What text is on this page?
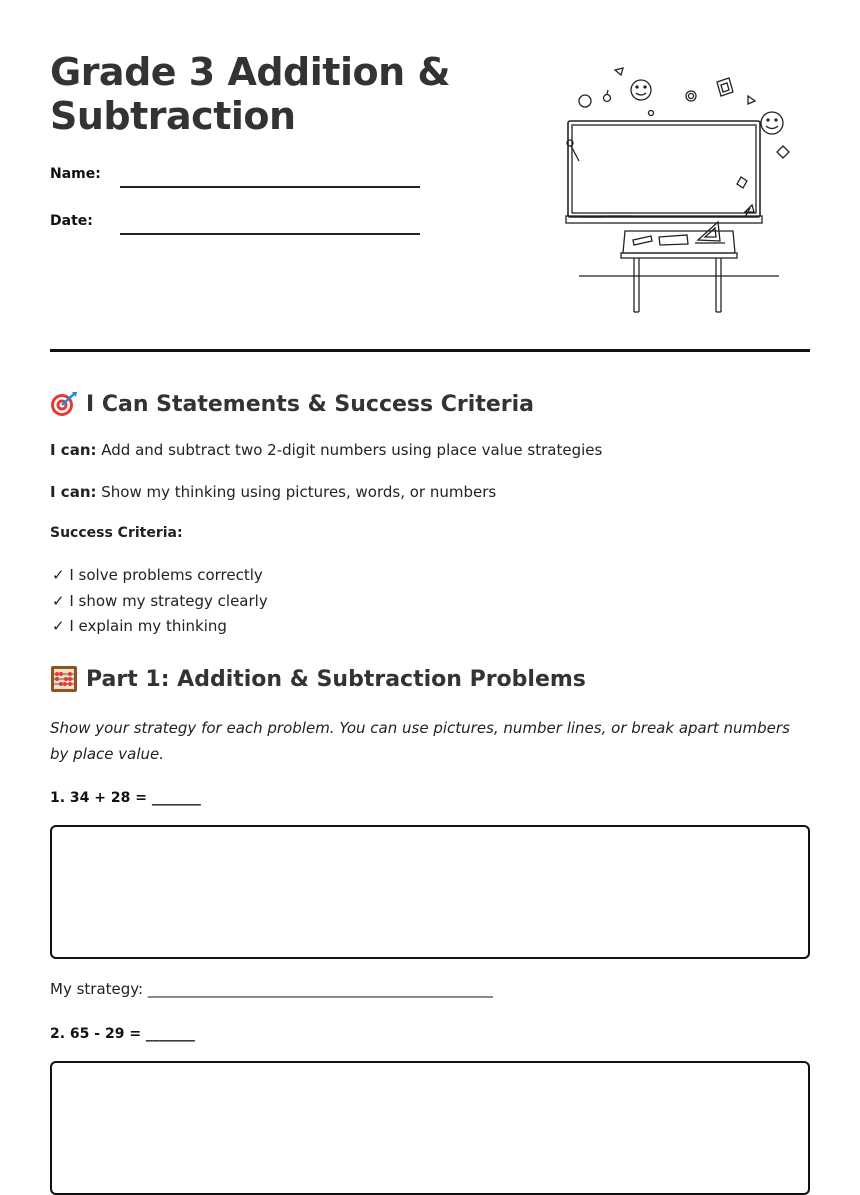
Grade 3 Addition & Subtraction
Name:
Date:
I Can Statements & Success Criteria
I can: Add and subtract two 2-digit numbers using place value strategies
I can: Show my thinking using pictures, words, or numbers
Success Criteria:
✓ I solve problems correctly
✓ I show my strategy clearly
✓ I explain my thinking
Part 1: Addition & Subtraction Problems

Show your strategy for each problem. You can use pictures, number lines, or break apart numbers by place value.

1. 34 + 28 = _______
My strategy: ______________________________________________
2. 65 - 29 = _______
